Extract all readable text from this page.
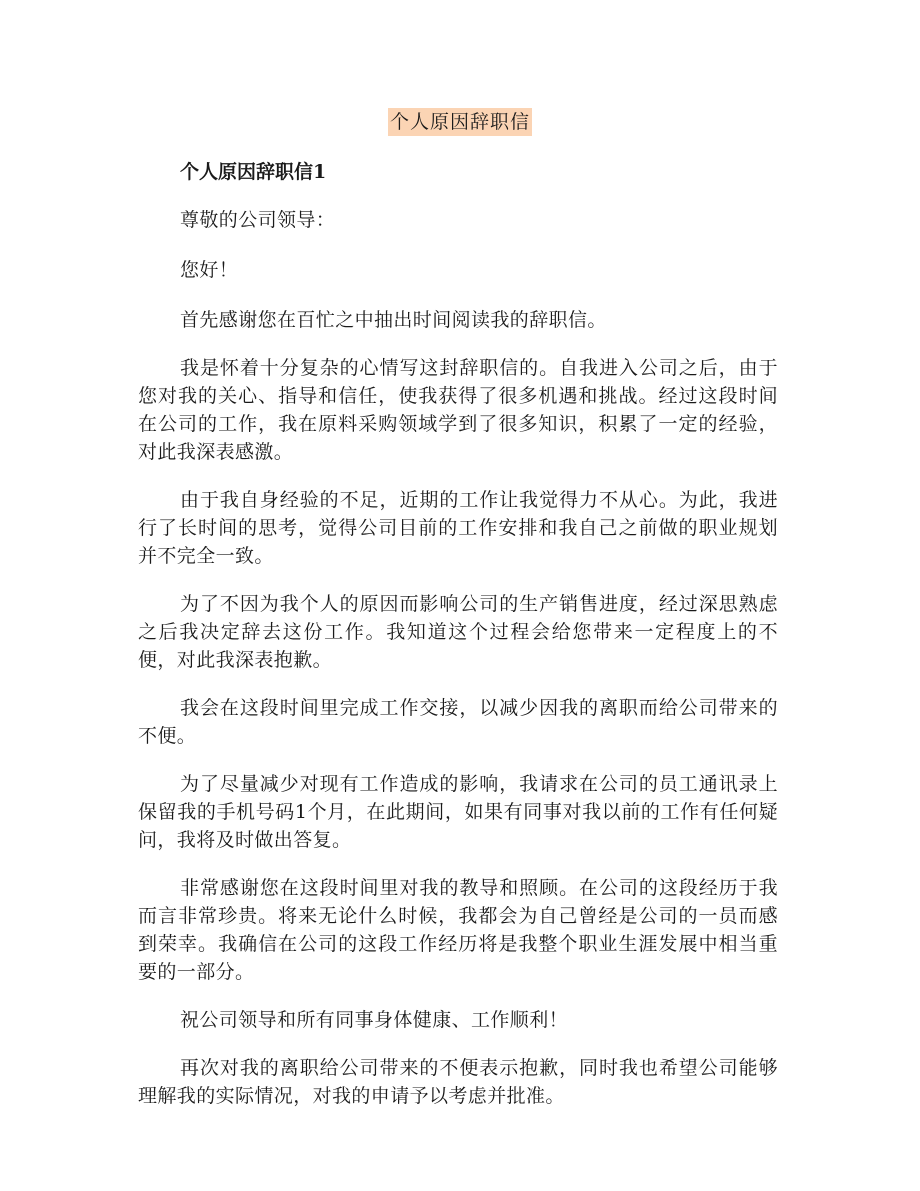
个人原因辞职信
个人原因辞职信1

尊敬的公司领导：

您好！

首先感谢您在百忙之中抽出时间阅读我的辞职信。

我是怀着十分复杂的心情写这封辞职信的。自我进入公司之后，由于您对我的关心、指导和信任，使我获得了很多机遇和挑战。经过这段时间在公司的工作，我在原料采购领域学到了很多知识，积累了一定的经验，对此我深表感激。

由于我自身经验的不足，近期的工作让我觉得力不从心。为此，我进行了长时间的思考，觉得公司目前的工作安排和我自己之前做的职业规划并不完全一致。

为了不因为我个人的原因而影响公司的生产销售进度，经过深思熟虑之后我决定辞去这份工作。我知道这个过程会给您带来一定程度上的不便，对此我深表抱歉。

我会在这段时间里完成工作交接，以减少因我的离职而给公司带来的不便。

为了尽量减少对现有工作造成的影响，我请求在公司的员工通讯录上保留我的手机号码1个月，在此期间，如果有同事对我以前的工作有任何疑问，我将及时做出答复。

非常感谢您在这段时间里对我的教导和照顾。在公司的这段经历于我而言非常珍贵。将来无论什么时候，我都会为自己曾经是公司的一员而感到荣幸。我确信在公司的这段工作经历将是我整个职业生涯发展中相当重要的一部分。

祝公司领导和所有同事身体健康、工作顺利！

再次对我的离职给公司带来的不便表示抱歉，同时我也希望公司能够理解我的实际情况，对我的申请予以考虑并批准。
